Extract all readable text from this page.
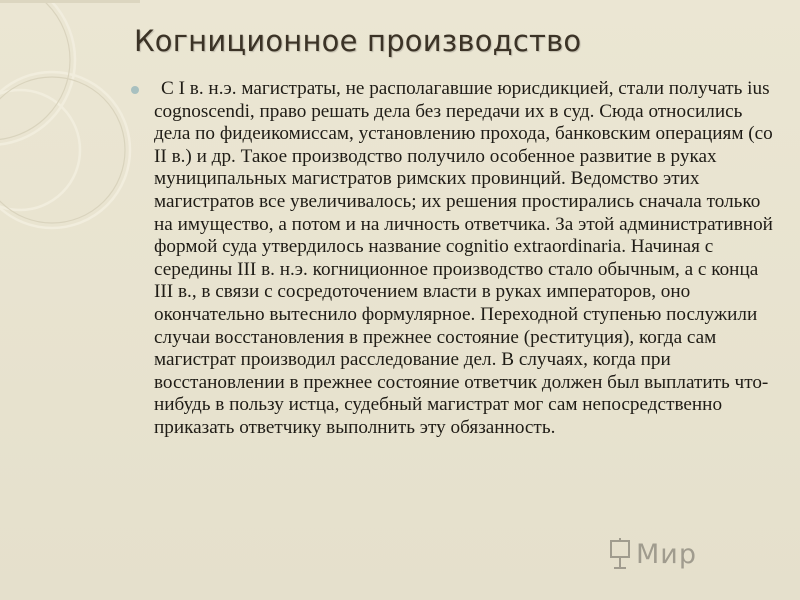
Когниционное производство

С I в. н.э. магистраты, не располагавшие юрисдикцией, стали получать ius cognoscendi, право решать дела без передачи их в суд. Сюда относились дела по фидеикомиссам, установлению прохода, банковским операциям (со II в.) и др. Такое производство получило особенное развитие в руках муниципальных магистратов римских провинций. Ведомство этих магистратов все увеличивалось; их решения простирались сначала только на имущество, а потом и на личность ответчика. За этой административной формой суда утвердилось название cognitio extraordinaria. Начиная с середины III в. н.э. когниционное производство стало обычным, а с конца III в., в связи с сосредоточением власти в руках императоров, оно окончательно вытеснило формулярное. Переходной ступенью послужили случаи восстановления в прежнее состояние (реституция), когда сам магистрат производил расследование дел. В случаях, когда при восстановлении в прежнее состояние ответчик должен был выплатить что-нибудь в пользу истца, судебный магистрат мог сам непосредственно приказать ответчику выполнить эту обязанность.

Мир
